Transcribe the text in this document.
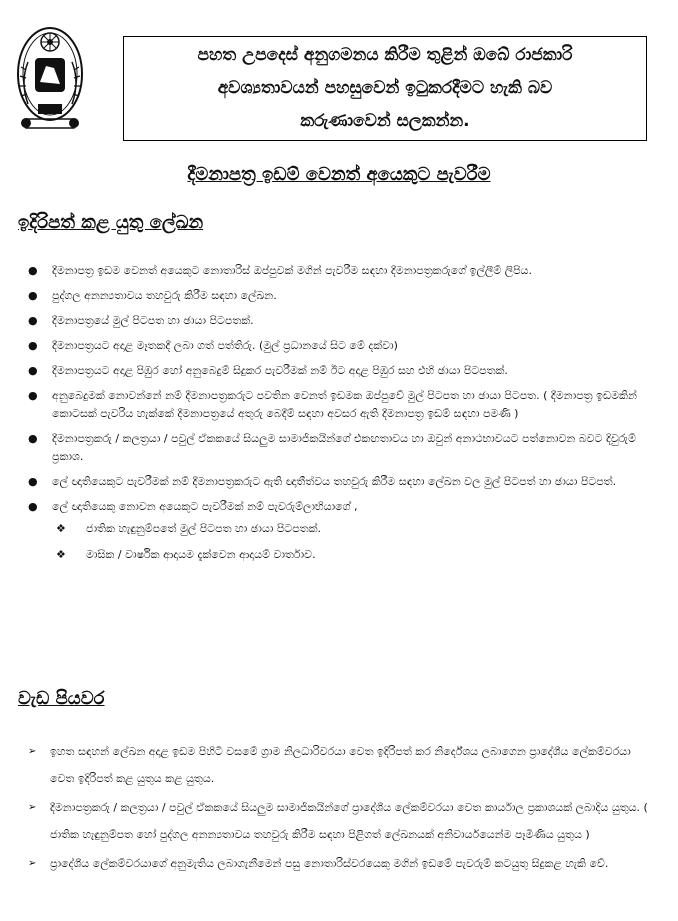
පහත උපදෙස් අනුගමනය කිරීම තුළින් ඔබේ රාජකාරි
අවශ්‍යතාවයන් පහසුවෙන් ඉටුකරදීමට හැකි බව
කරුණාවෙන් සලකන්න.
දීමනාපත්‍ර ඉඩම් වෙනත් අයෙකුට පැවරීම
ඉදිරිපත් කළ යුතු ලේඛන
● දීමනාපත්‍ර ඉඩම වෙනත් අයෙකුට නොතාරිස් ඔප්පුවක් මගින් පැවරීම සඳහා දීමනාපත්‍රකරුගේ ඉල්ලීම් ලිපිය.
● පුද්ගල අනන්‍යතාවය තහවුරු කිරීම සඳහා ලේඛන.
● දීමනාපත්‍රයේ මුල් පිටපත හා ඡායා පිටපතක්.
● දීමනාපත්‍රයට අදාළ මෑතකදී ලබා ගත් පත්තිරු. (මුල් ප්‍රධානයේ සිට මේ දක්වා)
● දීමනාපත්‍රයට අදාළ පිඹුර හෝ අනුබෙදුම් සිදුකර පැවරීමක් නම් ඊට අදාළ පිඹුර සහ එහි ඡායා පිටපතක්.
● අනුබෙදුමක් නොවන්නේ නම් දීමනාපත්‍රකරුට පවතින වෙනත් ඉඩමක ඔප්පුවේ මුල් පිටපත හා ඡායා පිටපත. ( දීමනාපත්‍ර ඉඩමකින් කොටසක් පැවරිය හැක්කේ දීමනාපත්‍රයේ අතුරු බෙදීම් සඳහා අවසර ඇති දීමනාපත්‍ර ඉඩම් සඳහා පමණි )
● දීමනාපත්‍රකරු / කලත්‍රයා / පවුල් ඒකකයේ සියලුම සාමාජිකයින්ගේ එකඟතාවය හා ඔවුන් අනාථභාවයට පත්නොවන බවට දිවුරුම් ප්‍රකාශ.
● ලේ ඥාතියෙකුට පැවරීමක් නම් දීමනාපත්‍රකරුට ඇති ඥාතීත්වය තහවුරු කිරීම සඳහා ලේඛන වල මුල් පිටපත් හා ඡායා පිටපත්.
● ලේ ඥාතියෙකු නොවන අයෙකුට පැවරීමක් නම් පැවරුම්ලාභියාගේ ,
❖ ජාතික හැඳුනුම්පතේ මුල් පිටපත හා ඡායා පිටපතක්.
❖ මාසික / වාර්ෂික ආදායම දැක්වෙන ආදායම් වාර්තාව.
වැඩ පියවර
➢ ඉහත සඳහන් ලේඛන අදාළ ඉඩම පිහිටි වසමේ ග්‍රාම නිලධාරිවරයා වෙත ඉදිරිපත් කර නිර්දේශය ලබාගෙන ප්‍රාදේශීය ලේකම්වරයා වෙත ඉදිරිපත් කළ යුතුය කළ යුතුය.
➢ දීමනාපත්‍රකරු / කලත්‍රයා / පවුල් ඒකකයේ සියලුම සාමාජිකයින්ගේ ප්‍රාදේශීය ලේකම්වරයා වෙත කාර්යාල ප්‍රකාශයක් ලබාදිය යුතුය. ( ජාතික හැඳුනුම්පත හෝ පුද්ගල අනන්‍යතාවය තහවුරු කිරීම සඳහා පිළිගත් ලේඛනයක් අනිවාර්යයෙන්ම පෑමිණිය යුතුය )
➢ ප්‍රාදේශීය ලේකම්වරයාගේ අනුමැතිය ලබාගැනීමෙන් පසු නොතාරිස්වරයෙකු මගින් ඉඩමේ පැවරුම් කටයුතු සිදුකළ හැකි වේ.
